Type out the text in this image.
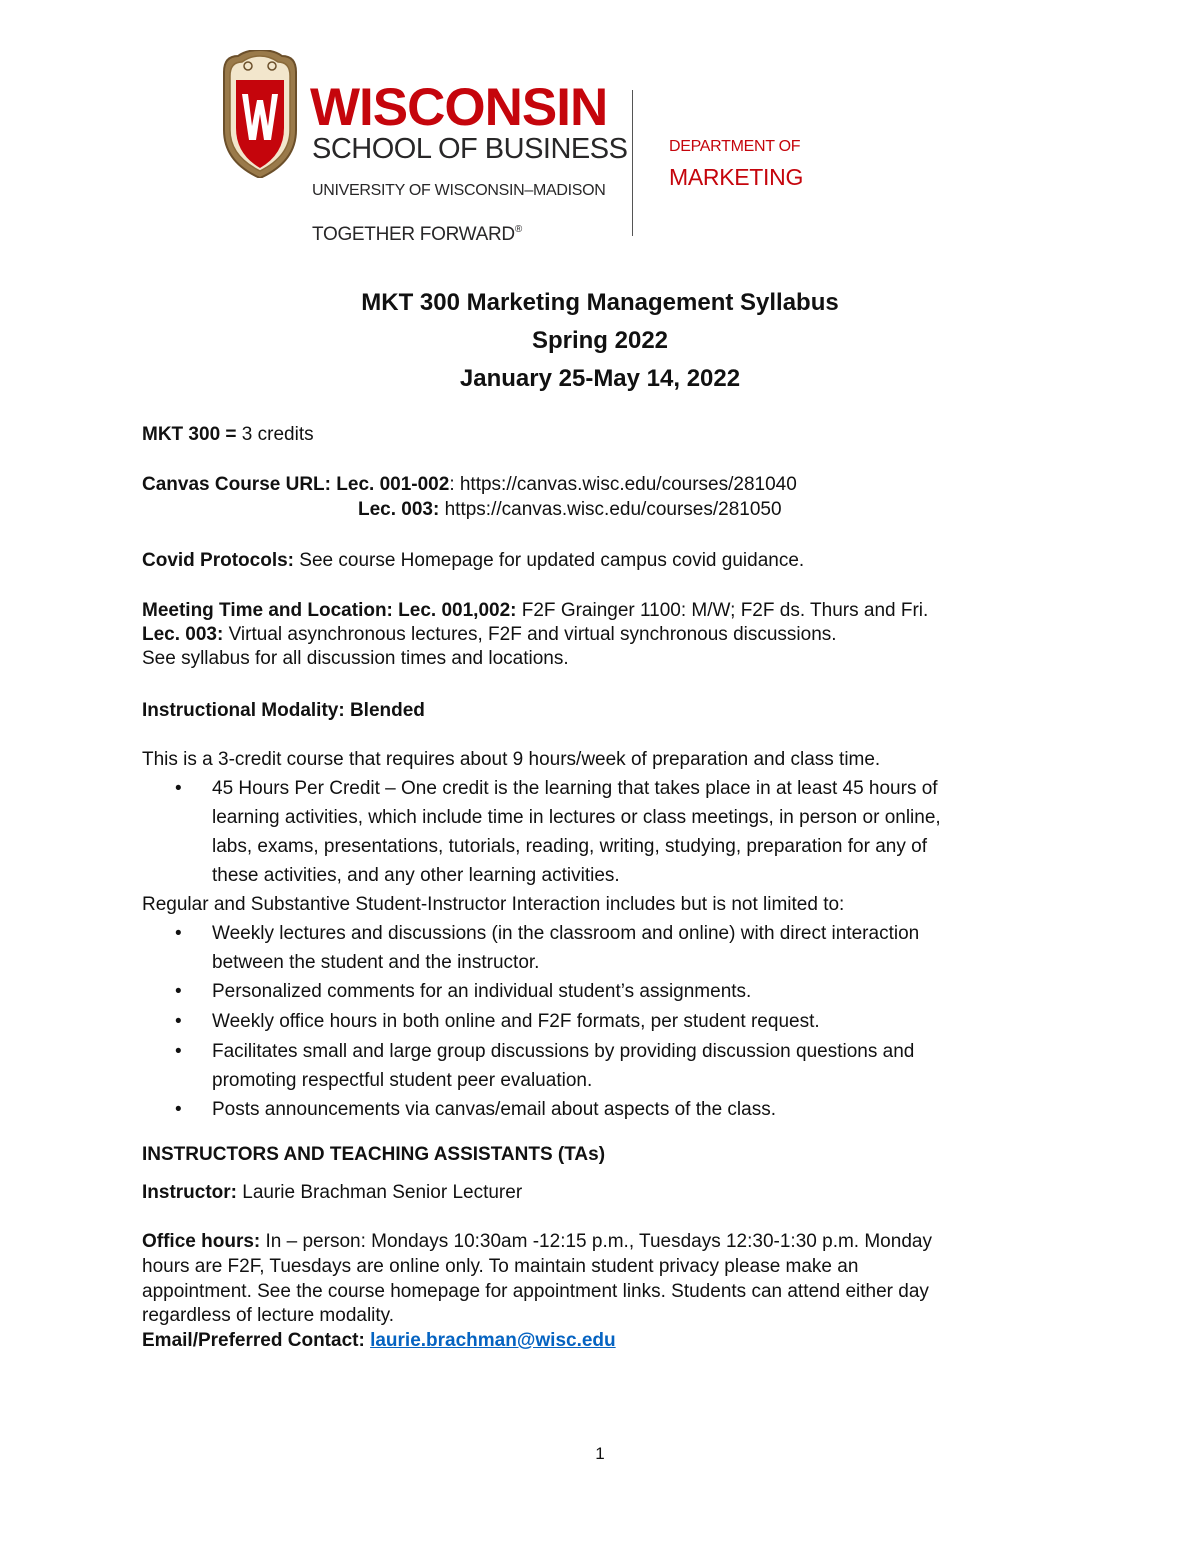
WISCONSIN
SCHOOL OF BUSINESS
UNIVERSITY OF WISCONSIN–MADISON
TOGETHER FORWARD®
DEPARTMENT OF
MARKETING
MKT 300 Marketing Management Syllabus
Spring 2022
January 25-May 14, 2022
MKT 300 = 3 credits
Canvas Course URL: Lec. 001-002: https://canvas.wisc.edu/courses/281040
Lec. 003: https://canvas.wisc.edu/courses/281050
Covid Protocols: See course Homepage for updated campus covid guidance.
Meeting Time and Location: Lec. 001,002: F2F Grainger 1100: M/W; F2F ds. Thurs and Fri.
Lec. 003: Virtual asynchronous lectures, F2F and virtual synchronous discussions.
See syllabus for all discussion times and locations.
Instructional Modality: Blended
This is a 3-credit course that requires about 9 hours/week of preparation and class time.
• 45 Hours Per Credit – One credit is the learning that takes place in at least 45 hours of
learning activities, which include time in lectures or class meetings, in person or online,
labs, exams, presentations, tutorials, reading, writing, studying, preparation for any of
these activities, and any other learning activities.
Regular and Substantive Student-Instructor Interaction includes but is not limited to:
• Weekly lectures and discussions (in the classroom and online) with direct interaction
between the student and the instructor.
• Personalized comments for an individual student’s assignments.
• Weekly office hours in both online and F2F formats, per student request.
• Facilitates small and large group discussions by providing discussion questions and
promoting respectful student peer evaluation.
• Posts announcements via canvas/email about aspects of the class.
INSTRUCTORS AND TEACHING ASSISTANTS (TAs)
Instructor: Laurie Brachman Senior Lecturer
Office hours: In – person: Mondays 10:30am -12:15 p.m., Tuesdays 12:30-1:30 p.m. Monday
hours are F2F, Tuesdays are online only. To maintain student privacy please make an
appointment. See the course homepage for appointment links. Students can attend either day
regardless of lecture modality.
Email/Preferred Contact: laurie.brachman@wisc.edu
1
